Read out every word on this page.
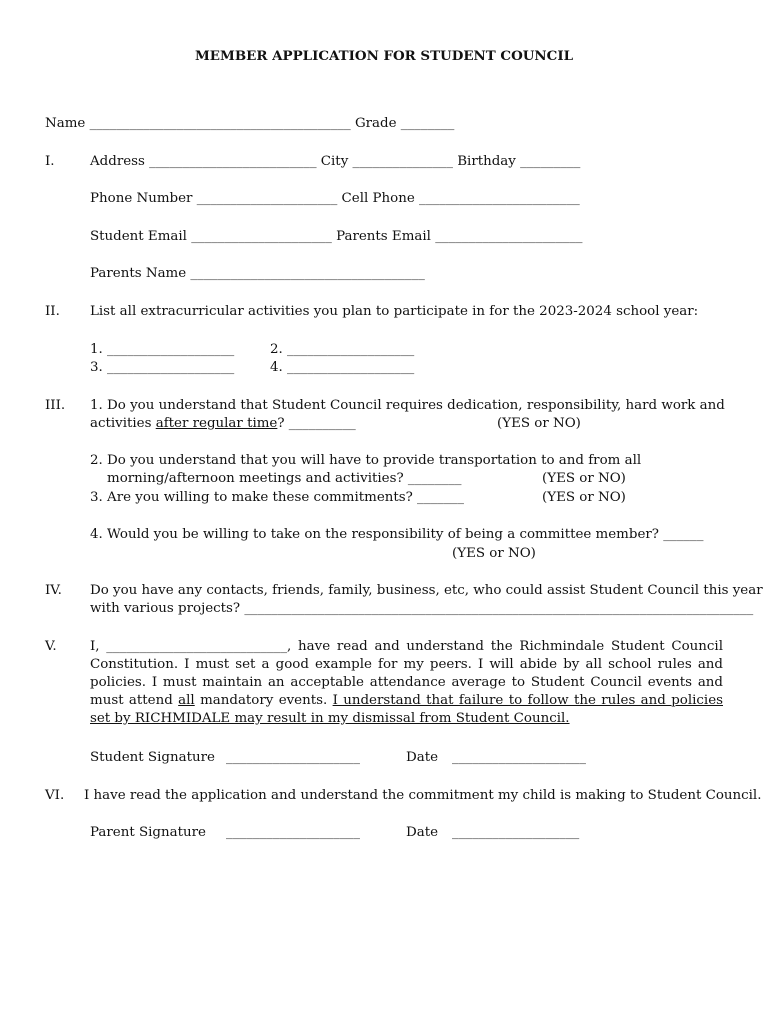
MEMBER APPLICATION FOR STUDENT COUNCIL
Name _______________________________________ Grade ________
I.	Address _________________________ City _______________ Birthday _________
Phone Number _____________________ Cell Phone ________________________
Student Email _____________________ Parents Email ______________________
Parents Name ___________________________________
II. List all extracurricular activities you plan to participate in for the 2023-2024 school year:
1. ___________________	2. ___________________
3. ___________________	4. ___________________
III. 1. Do you understand that Student Council requires dedication, responsibility, hard work and
activities after regular time? __________	(YES or NO)
2. Do you understand that you will have to provide transportation to and from all
morning/afternoon meetings and activities? ________	(YES or NO)
3. Are you willing to make these commitments? _______	(YES or NO)
4. Would you be willing to take on the responsibility of being a committee member? ______
(YES or NO)
IV. Do you have any contacts, friends, family, business, etc, who could assist Student Council this year
with various projects? ____________________________________________________________________________
V. I, ___________________________, have read and understand the Richmindale Student Council Constitution. I must set a good example for my peers. I will abide by all school rules and policies. I must maintain an acceptable attendance average to Student Council events and must attend all mandatory events. I understand that failure to follow the rules and policies set by RICHMIDALE may result in my dismissal from Student Council.
Student Signature ____________________	Date ____________________
VI. I have read the application and understand the commitment my child is making to Student Council.
Parent Signature ____________________	Date ___________________
